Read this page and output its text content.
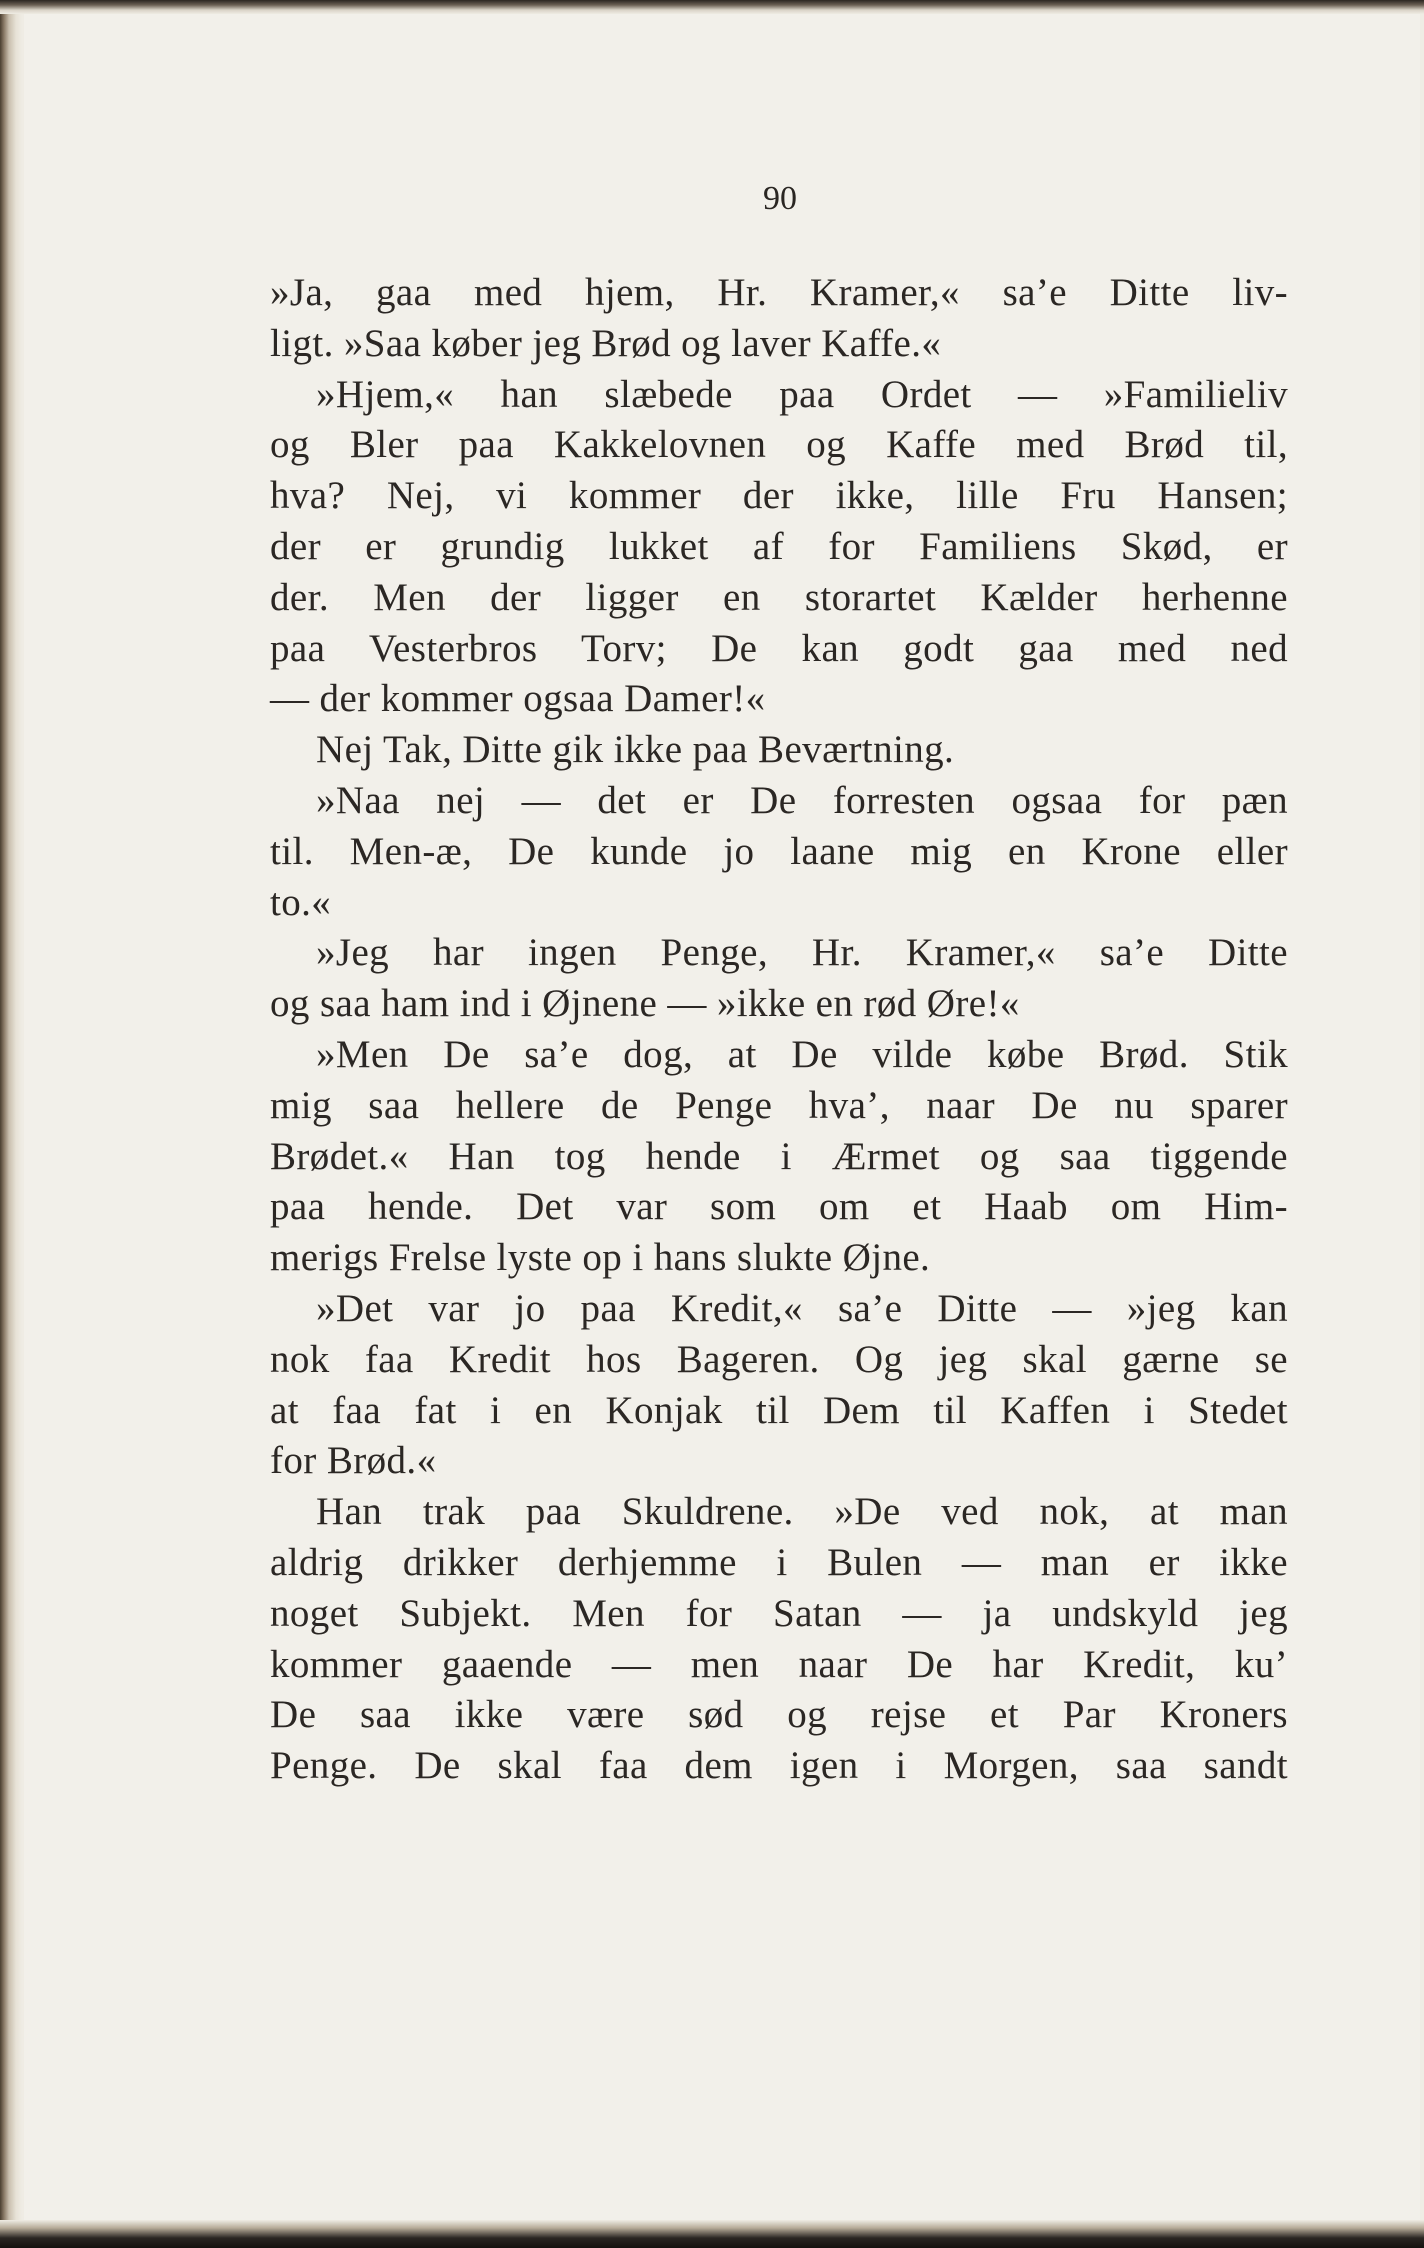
90
»Ja, gaa med hjem, Hr. Kramer,« sa’e Ditte liv-
ligt. »Saa køber jeg Brød og laver Kaffe.«
»Hjem,« han slæbede paa Ordet — »Familieliv
og Bler paa Kakkelovnen og Kaffe med Brød til,
hva? Nej, vi kommer der ikke, lille Fru Hansen;
der er grundig lukket af for Familiens Skød, er
der. Men der ligger en storartet Kælder herhenne
paa Vesterbros Torv; De kan godt gaa med ned
— der kommer ogsaa Damer!«
Nej Tak, Ditte gik ikke paa Beværtning.
»Naa nej — det er De forresten ogsaa for pæn
til. Men-æ, De kunde jo laane mig en Krone eller
to.«
»Jeg har ingen Penge, Hr. Kramer,« sa’e Ditte
og saa ham ind i Øjnene — »ikke en rød Øre!«
»Men De sa’e dog, at De vilde købe Brød. Stik
mig saa hellere de Penge hva’, naar De nu sparer
Brødet.« Han tog hende i Ærmet og saa tiggende
paa hende. Det var som om et Haab om Him-
merigs Frelse lyste op i hans slukte Øjne.
»Det var jo paa Kredit,« sa’e Ditte — »jeg kan
nok faa Kredit hos Bageren. Og jeg skal gærne se
at faa fat i en Konjak til Dem til Kaffen i Stedet
for Brød.«
Han trak paa Skuldrene. »De ved nok, at man
aldrig drikker derhjemme i Bulen — man er ikke
noget Subjekt. Men for Satan — ja undskyld jeg
kommer gaaende — men naar De har Kredit, ku’
De saa ikke være sød og rejse et Par Kroners
Penge. De skal faa dem igen i Morgen, saa sandt
